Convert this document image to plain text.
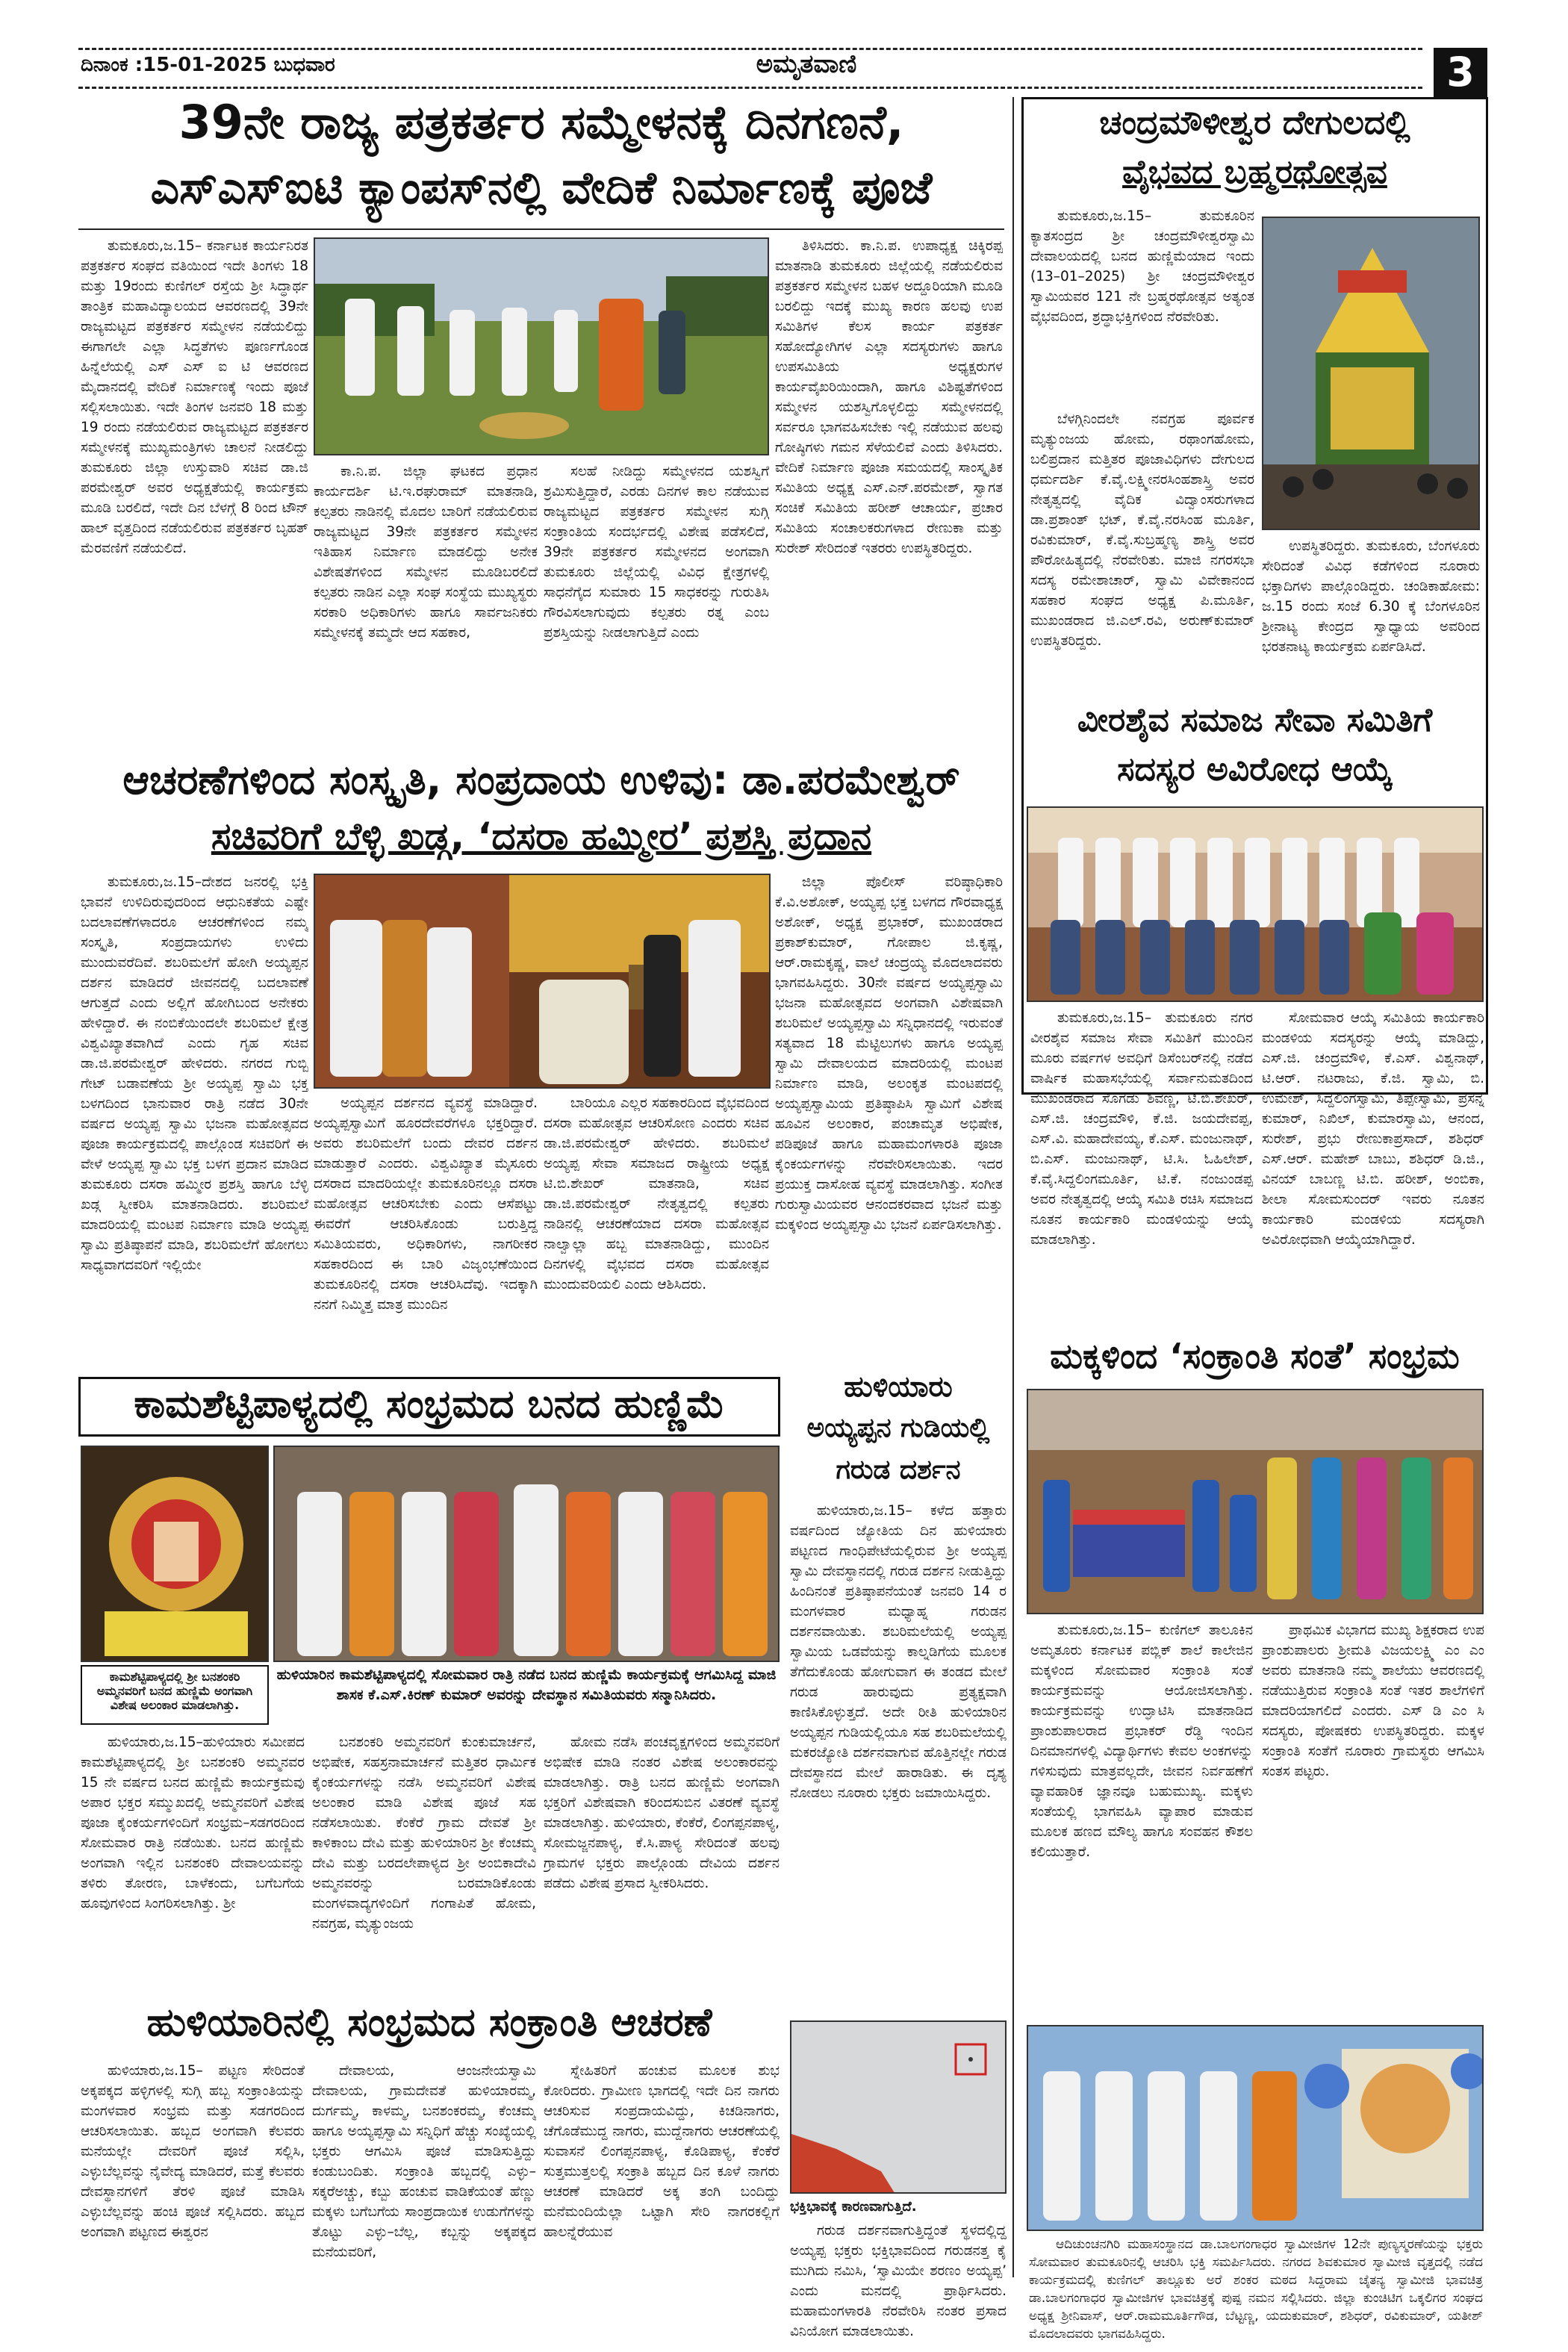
ದಿನಾಂಕ :15-01-2025 ಬುಧವಾರ	ಅಮೃತವಾಣಿ	3
39ನೇ ರಾಜ್ಯ ಪತ್ರಕರ್ತರ ಸಮ್ಮೇಳನಕ್ಕೆ ದಿನಗಣನೆ,
ಎಸ್‌ಎಸ್‌ಐಟಿ ಕ್ಯಾಂಪಸ್‌ನಲ್ಲಿ ವೇದಿಕೆ ನಿರ್ಮಾಣಕ್ಕೆ ಪೂಜೆ

ತುಮಕೂರು,ಜ.15– ಕರ್ನಾಟಕ ಕಾರ್ಯನಿರತ ಪತ್ರಕರ್ತರ ಸಂಘದ ವತಿಯಿಂದ ಇದೇ ತಿಂಗಳು 18 ಮತ್ತು 19ರಂದು ಕುಣಿಗಲ್ ರಸ್ತೆಯ ಶ್ರೀ ಸಿದ್ಧಾರ್ಥ ತಾಂತ್ರಿಕ ಮಹಾವಿದ್ಯಾಲಯದ ಆವರಣದಲ್ಲಿ 39ನೇ ರಾಜ್ಯಮಟ್ಟದ ಪತ್ರಕರ್ತರ ಸಮ್ಮೇಳನ ನಡೆಯಲಿದ್ದು ಈಗಾಗಲೇ ಎಲ್ಲಾ ಸಿದ್ಧತೆಗಳು ಪೂರ್ಣಗೊಂಡ ಹಿನ್ನೆಲೆಯಲ್ಲಿ ಎಸ್ ಎಸ್ ಐ ಟಿ ಆವರಣದ ಮೈದಾನದಲ್ಲಿ ವೇದಿಕೆ ನಿರ್ಮಾಣಕ್ಕೆ ಇಂದು ಪೂಜೆ ಸಲ್ಲಿಸಲಾಯಿತು. ಇದೇ ತಿಂಗಳ ಜನವರಿ 18 ಮತ್ತು 19 ರಂದು ನಡೆಯಲಿರುವ ರಾಜ್ಯಮಟ್ಟದ ಪತ್ರಕರ್ತರ ಸಮ್ಮೇಳನಕ್ಕೆ ಮುಖ್ಯಮಂತ್ರಿಗಳು ಚಾಲನೆ ನೀಡಲಿದ್ದು ತುಮಕೂರು ಜಿಲ್ಲಾ ಉಸ್ತುವಾರಿ ಸಚಿವ ಡಾ.ಜಿ ಪರಮೇಶ್ವರ್ ಅವರ ಅಧ್ಯಕ್ಷತೆಯಲ್ಲಿ ಕಾರ್ಯಕ್ರಮ ಮೂಡಿ ಬರಲಿದೆ, ಇದೇ ದಿನ ಬೆಳಗ್ಗೆ 8 ರಿಂದ ಟೌನ್ ಹಾಲ್ ವೃತ್ತದಿಂದ ನಡೆಯಲಿರುವ ಪತ್ರಕರ್ತರ ಬೃಹತ್ ಮೆರವಣಿಗೆ ನಡೆಯಲಿದೆ.

ಕಾ.ನಿ.ಪ. ಜಿಲ್ಲಾ ಘಟಕದ ಪ್ರಧಾನ ಕಾರ್ಯದರ್ಶಿ ಟಿ.ಇ.ರಘುರಾಮ್ ಮಾತನಾಡಿ, ಕಲ್ಪತರು ನಾಡಿನಲ್ಲಿ ಮೊದಲ ಬಾರಿಗೆ ನಡೆಯಲಿರುವ ರಾಜ್ಯಮಟ್ಟದ 39ನೇ ಪತ್ರಕರ್ತರ ಸಮ್ಮೇಳನ ಇತಿಹಾಸ ನಿರ್ಮಾಣ ಮಾಡಲಿದ್ದು ಅನೇಕ ವಿಶೇಷತೆಗಳಿಂದ ಸಮ್ಮೇಳನ ಮೂಡಿಬರಲಿದೆ ಕಲ್ಪತರು ನಾಡಿನ ಎಲ್ಲಾ ಸಂಘ ಸಂಸ್ಥೆಯ ಮುಖ್ಯಸ್ಥರು ಸರಕಾರಿ ಅಧಿಕಾರಿಗಳು ಹಾಗೂ ಸಾರ್ವಜನಿಕರು ಸಮ್ಮೇಳನಕ್ಕೆ ತಮ್ಮದೇ ಆದ ಸಹಕಾರ,

ಸಲಹೆ ನೀಡಿದ್ದು ಸಮ್ಮೇಳನದ ಯಶಸ್ವಿಗೆ ಶ್ರಮಿಸುತ್ತಿದ್ದಾರೆ, ಎರಡು ದಿನಗಳ ಕಾಲ ನಡೆಯುವ ರಾಜ್ಯಮಟ್ಟದ ಪತ್ರಕರ್ತರ ಸಮ್ಮೇಳನ ಸುಗ್ಗಿ ಸಂಕ್ರಾಂತಿಯ ಸಂದರ್ಭದಲ್ಲಿ ವಿಶೇಷ ಪಡೆಸಲಿದೆ, 39ನೇ ಪತ್ರಕರ್ತರ ಸಮ್ಮೇಳನದ ಅಂಗವಾಗಿ ತುಮಕೂರು ಜಿಲ್ಲೆಯಲ್ಲಿ ವಿವಿಧ ಕ್ಷೇತ್ರಗಳಲ್ಲಿ ಸಾಧನೆಗೈದ ಸುಮಾರು 15 ಸಾಧಕರನ್ನು ಗುರುತಿಸಿ ಗೌರವಿಸಲಾಗುವುದು ಕಲ್ಪತರು ರತ್ನ ಎಂಬ ಪ್ರಶಸ್ತಿಯನ್ನು ನೀಡಲಾಗುತ್ತಿದೆ ಎಂದು

ತಿಳಿಸಿದರು. ಕಾ.ನಿ.ಪ. ಉಪಾಧ್ಯಕ್ಷ ಚಿಕ್ಕಿರಪ್ಪ ಮಾತನಾಡಿ ತುಮಕೂರು ಜಿಲ್ಲೆಯಲ್ಲಿ ನಡೆಯಲಿರುವ ಪತ್ರಕರ್ತರ ಸಮ್ಮೇಳನ ಬಹಳ ಅದ್ದೂರಿಯಾಗಿ ಮೂಡಿ ಬರಲಿದ್ದು ಇದಕ್ಕೆ ಮುಖ್ಯ ಕಾರಣ ಹಲವು ಉಪ ಸಮಿತಿಗಳ ಕೆಲಸ ಕಾರ್ಯ ಪತ್ರಕರ್ತ ಸಹೋದ್ಯೋಗಿಗಳ ಎಲ್ಲಾ ಸದಸ್ಯರುಗಳು ಹಾಗೂ ಉಪಸಮಿತಿಯ ಅಧ್ಯಕ್ಷರುಗಳ ಕಾರ್ಯವೈಖರಿಯಿಂದಾಗಿ, ಹಾಗೂ ವಿಶಿಷ್ಟತೆಗಳಿಂದ ಸಮ್ಮೇಳನ ಯಶಸ್ವಿಗೊಳ್ಳಲಿದ್ದು ಸಮ್ಮೇಳನದಲ್ಲಿ ಸರ್ವರೂ ಭಾಗವಹಿಸಬೇಕು ಇಲ್ಲಿ ನಡೆಯುವ ಹಲವು ಗೋಷ್ಠಿಗಳು ಗಮನ ಸೆಳೆಯಲಿವೆ ಎಂದು ತಿಳಿಸಿದರು. ವೇದಿಕೆ ನಿರ್ಮಾಣ ಪೂಜಾ ಸಮಯದಲ್ಲಿ ಸಾಂಸ್ಕೃತಿಕ ಸಮಿತಿಯ ಅಧ್ಯಕ್ಷ ಎಸ್.ಎನ್.ಪರಮೇಶ್, ಸ್ವಾಗತ ಸಂಚಿಕೆ ಸಮಿತಿಯ ಹರೀಶ್ ಆಚಾರ್ಯ, ಪ್ರಚಾರ ಸಮಿತಿಯ ಸಂಚಾಲಕರುಗಳಾದ ರೇಣುಕಾ ಮತ್ತು ಸುರೇಶ್ ಸೇರಿದಂತೆ ಇತರರು ಉಪಸ್ಥಿತರಿದ್ದರು.

ಚಂದ್ರಮೌಳೀಶ್ವರ ದೇಗುಲದಲ್ಲಿ
ವೈಭವದ ಬ್ರಹ್ಮರಥೋತ್ಸವ

ತುಮಕೂರು,ಜ.15– ತುಮಕೂರಿನ ಕ್ಯಾತಸಂದ್ರದ ಶ್ರೀ ಚಂದ್ರಮೌಳೀಶ್ವರಸ್ವಾಮಿ ದೇವಾಲಯದಲ್ಲಿ ಬನದ ಹುಣ್ಣಿಮೆಯಾದ ಇಂದು (13–01–2025) ಶ್ರೀ ಚಂದ್ರಮೌಳೀಶ್ವರ ಸ್ವಾಮಿಯವರ 121 ನೇ ಬ್ರಹ್ಮರಥೋತ್ಸವ ಅತ್ಯಂತ ವೈಭವದಿಂದ, ಶ್ರದ್ಧಾಭಕ್ತಿಗಳಿಂದ ನೆರವೇರಿತು.

ಬೆಳಗ್ಗಿನಿಂದಲೇ ನವಗ್ರಹ ಪೂರ್ವಕ ಮೃತ್ಯುಂಜಯ ಹೋಮ, ರಥಾಂಗಹೋಮ, ಬಲಿಪ್ರದಾನ ಮತ್ತಿತರ ಪೂಜಾವಿಧಿಗಳು ದೇಗುಲದ ಧರ್ಮದರ್ಶಿ ಕೆ.ವೈ.ಲಕ್ಷ್ಮೀನರಸಿಂಹಶಾಸ್ತ್ರಿ ಅವರ ನೇತೃತ್ವದಲ್ಲಿ ವೈದಿಕ ವಿದ್ವಾಂಸರುಗಳಾದ ಡಾ.ಪ್ರಶಾಂತ್ ಭಟ್, ಕೆ.ವೈ.ನರಸಿಂಹ ಮೂರ್ತಿ, ರವಿಕುಮಾರ್, ಕೆ.ವೈ.ಸುಬ್ರಹ್ಮಣ್ಯ ಶಾಸ್ತ್ರಿ ಅವರ ಪೌರೋಹಿತ್ಯದಲ್ಲಿ ನೆರವೇರಿತು. ಮಾಜಿ ನಗರಸಭಾ ಸದಸ್ಯ ರಮೇಶಾಚಾರ್, ಸ್ವಾಮಿ ವಿವೇಕಾನಂದ ಸಹಕಾರ ಸಂಘದ ಅಧ್ಯಕ್ಷ ಪಿ.ಮೂರ್ತಿ, ಮುಖಂಡರಾದ ಜಿ.ಎಲ್.ರವಿ, ಅರುಣ್‌ಕುಮಾರ್ ಉಪಸ್ಥಿತರಿದ್ದರು.

ಉಪಸ್ಥಿತರಿದ್ದರು. ತುಮಕೂರು, ಬೆಂಗಳೂರು ಸೇರಿದಂತೆ ವಿವಿಧ ಕಡೆಗಳಿಂದ ನೂರಾರು ಭಕ್ತಾದಿಗಳು ಪಾಲ್ಗೊಂಡಿದ್ದರು. ಚಂಡಿಕಾಹೋಮ: ಜ.15 ರಂದು ಸಂಜೆ 6.30 ಕ್ಕೆ ಬೆಂಗಳೂರಿನ ಶ್ರೀನಾಟ್ಯ ಕೇಂದ್ರದ ಸ್ವಾಧ್ಯಾಯ ಅವರಿಂದ ಭರತನಾಟ್ಯ ಕಾರ್ಯಕ್ರಮ ಏರ್ಪಡಿಸಿದೆ.

ಆಚರಣೆಗಳಿಂದ ಸಂಸ್ಕೃತಿ, ಸಂಪ್ರದಾಯ ಉಳಿವು: ಡಾ.ಪರಮೇಶ್ವರ್
ಸಚಿವರಿಗೆ ಬೆಳ್ಳಿ ಖಡ್ಗ, ‘ದಸರಾ ಹಮ್ಮೀರ’ ಪ್ರಶಸ್ತಿ ಪ್ರದಾನ

ತುಮಕೂರು,ಜ.15–ದೇಶದ ಜನರಲ್ಲಿ ಭಕ್ತಿ ಭಾವನೆ ಉಳಿದಿರುವುದರಿಂದ ಆಧುನಿಕತೆಯ ಎಷ್ಟೇ ಬದಲಾವಣೆಗಳಾದರೂ ಆಚರಣೆಗಳಿಂದ ನಮ್ಮ ಸಂಸ್ಕೃತಿ, ಸಂಪ್ರದಾಯಗಳು ಉಳಿದು ಮುಂದುವರೆದಿವೆ. ಶಬರಿಮಲೆಗೆ ಹೋಗಿ ಅಯ್ಯಪ್ಪನ ದರ್ಶನ ಮಾಡಿದರೆ ಜೀವನದಲ್ಲಿ ಬದಲಾವಣೆ ಆಗುತ್ತದೆ ಎಂದು ಅಲ್ಲಿಗೆ ಹೋಗಿಬಂದ ಅನೇಕರು ಹೇಳಿದ್ದಾರೆ. ಈ ನಂಬಿಕೆಯಿಂದಲೇ ಶಬರಿಮಲೆ ಕ್ಷೇತ್ರ ವಿಶ್ವವಿಖ್ಯಾತವಾಗಿದೆ ಎಂದು ಗೃಹ ಸಚಿವ ಡಾ.ಜಿ.ಪರಮೇಶ್ವರ್ ಹೇಳಿದರು. ನಗರದ ಗುಬ್ಬಿ ಗೇಟ್ ಬಡಾವಣೆಯ ಶ್ರೀ ಅಯ್ಯಪ್ಪ ಸ್ವಾಮಿ ಭಕ್ತ ಬಳಗದಿಂದ ಭಾನುವಾರ ರಾತ್ರಿ ನಡೆದ 30ನೇ ವರ್ಷದ ಅಯ್ಯಪ್ಪ ಸ್ವಾಮಿ ಭಜನಾ ಮಹೋತ್ಸವದ ಪೂಜಾ ಕಾರ್ಯಕ್ರಮದಲ್ಲಿ ಪಾಲ್ಗೊಂಡ ಸಚಿವರಿಗೆ ಈ ವೇಳೆ ಅಯ್ಯಪ್ಪ ಸ್ವಾಮಿ ಭಕ್ತ ಬಳಗ ಪ್ರದಾನ ಮಾಡಿದ ತುಮಕೂರು ದಸರಾ ಹಮ್ಮೀರ ಪ್ರಶಸ್ತಿ ಹಾಗೂ ಬೆಳ್ಳಿ ಖಡ್ಗ ಸ್ವೀಕರಿಸಿ ಮಾತನಾಡಿದರು. ಶಬರಿಮಲೆ ಮಾದರಿಯಲ್ಲಿ ಮಂಟಪ ನಿರ್ಮಾಣ ಮಾಡಿ ಅಯ್ಯಪ್ಪ ಸ್ವಾಮಿ ಪ್ರತಿಷ್ಠಾಪನೆ ಮಾಡಿ, ಶಬರಿಮಲೆಗೆ ಹೋಗಲು ಸಾಧ್ಯವಾಗದವರಿಗೆ ಇಲ್ಲಿಯೇ

ಅಯ್ಯಪ್ಪನ ದರ್ಶನದ ವ್ಯವಸ್ಥೆ ಮಾಡಿದ್ದಾರೆ. ಅಯ್ಯಪ್ಪಸ್ವಾಮಿಗೆ ಹೂರದೇವರೆಗಳೂ ಭಕ್ತರಿದ್ದಾರೆ. ಅವರು ಶಬರಿಮಲೆಗೆ ಬಂದು ದೇವರ ದರ್ಶನ ಮಾಡುತ್ತಾರೆ ಎಂದರು. ವಿಶ್ವವಿಖ್ಯಾತ ಮೈಸೂರು ದಸರಾದ ಮಾದರಿಯಲ್ಲೇ ತುಮಕೂರಿನಲ್ಲೂ ದಸರಾ ಮಹೋತ್ಸವ ಆಚರಿಸಬೇಕು ಎಂದು ಆಸೆಪಟ್ಟು ಈವರೆಗೆ ಆಚರಿಸಿಕೊಂಡು ಬರುತ್ತಿದ್ದ ಸಮಿತಿಯವರು, ಅಧಿಕಾರಿಗಳು, ನಾಗರೀಕರ ಸಹಕಾರದಿಂದ ಈ ಬಾರಿ ವಿಜೃಂಭಣೆಯಿಂದ ತುಮಕೂರಿನಲ್ಲಿ ದಸರಾ ಆಚರಿಸಿದೆವು. ಇದಕ್ಕಾಗಿ ನನಗೆ ನಿಮ್ಮಿತ್ತ ಮಾತ್ರ ಮುಂದಿನ

ಬಾರಿಯೂ ಎಲ್ಲರ ಸಹಕಾರದಿಂದ ವೈಭವದಿಂದ ದಸರಾ ಮಹೋತ್ಸವ ಆಚರಿಸೋಣ ಎಂದರು ಸಚಿವ ಡಾ.ಜಿ.ಪರಮೇಶ್ವರ್ ಹೇಳಿದರು. ಶಬರಿಮಲೆ ಅಯ್ಯಪ್ಪ ಸೇವಾ ಸಮಾಜದ ರಾಷ್ಟ್ರೀಯ ಅಧ್ಯಕ್ಷ ಟಿ.ಬಿ.ಶೇಖರ್ ಮಾತನಾಡಿ, ಸಚಿವ ಡಾ.ಜಿ.ಪರಮೇಶ್ವರ್ ನೇತೃತ್ವದಲ್ಲಿ ಕಲ್ಪತರು ನಾಡಿನಲ್ಲಿ ಆಚರಣೆಯಾದ ದಸರಾ ಮಹೋತ್ಸವ ನಾಲ್ವಾಲ್ಲಾ ಹಬ್ಬ ಮಾತನಾಡಿದ್ದು, ಮುಂದಿನ ದಿನಗಳಲ್ಲಿ ವೈಭವದ ದಸರಾ ಮಹೋತ್ಸವ ಮುಂದುವರಿಯಲಿ ಎಂದು ಆಶಿಸಿದರು.

ಜಿಲ್ಲಾ ಪೊಲೀಸ್ ವರಿಷ್ಠಾಧಿಕಾರಿ ಕೆ.ವಿ.ಅಶೋಕ್, ಅಯ್ಯಪ್ಪ ಭಕ್ತ ಬಳಗದ ಗೌರವಾಧ್ಯಕ್ಷ ಅಶೋಕ್, ಅಧ್ಯಕ್ಷ ಪ್ರಭಾಕರ್, ಮುಖಂಡರಾದ ಪ್ರಕಾಶ್‌ಕುಮಾರ್, ಗೋಪಾಲ ಜಿ.ಕೃಷ್ಣ, ಆರ್.ರಾಮಕೃಷ್ಣ, ವಾಲೆ ಚಂದ್ರಯ್ಯ ಮೊದಲಾದವರು ಭಾಗವಹಿಸಿದ್ದರು. 30ನೇ ವರ್ಷದ ಅಯ್ಯಪ್ಪಸ್ವಾಮಿ ಭಜನಾ ಮಹೋತ್ಸವದ ಅಂಗವಾಗಿ ವಿಶೇಷವಾಗಿ ಶಬರಿಮಲೆ ಅಯ್ಯಪ್ಪಸ್ವಾಮಿ ಸನ್ನಿಧಾನದಲ್ಲಿ ಇರುವಂತೆ ಸತ್ಯವಾದ 18 ಮೆಟ್ಟಿಲುಗಳು ಹಾಗೂ ಅಯ್ಯಪ್ಪ ಸ್ವಾಮಿ ದೇವಾಲಯದ ಮಾದರಿಯಲ್ಲಿ ಮಂಟಪ ನಿರ್ಮಾಣ ಮಾಡಿ, ಅಲಂಕೃತ ಮಂಟಪದಲ್ಲಿ ಅಯ್ಯಪ್ಪಸ್ವಾಮಿಯ ಪ್ರತಿಷ್ಠಾಪಿಸಿ ಸ್ವಾಮಿಗೆ ವಿಶೇಷ ಹೂವಿನ ಅಲಂಕಾರ, ಪಂಚಾಮೃತ ಅಭಿಷೇಕ, ಪಡಿಪೂಜೆ ಹಾಗೂ ಮಹಾಮಂಗಳಾರತಿ ಪೂಜಾ ಕೈಂಕರ್ಯಗಳನ್ನು ನೆರವೇರಿಸಲಾಯಿತು. ಇದರ ಪ್ರಯುಕ್ತ ದಾಸೋಹ ವ್ಯವಸ್ಥೆ ಮಾಡಲಾಗಿತ್ತು. ಸಂಗೀತ ಗುರುಸ್ವಾಮಿಯವರ ಆನಂದಕರವಾದ ಭಜನೆ ಮತ್ತು ಮಕ್ಕಳಿಂದ ಅಯ್ಯಪ್ಪಸ್ವಾಮಿ ಭಜನೆ ಏರ್ಪಡಿಸಲಾಗಿತ್ತು.

ವೀರಶೈವ ಸಮಾಜ ಸೇವಾ ಸಮಿತಿಗೆ
ಸದಸ್ಯರ ಅವಿರೋಧ ಆಯ್ಕೆ

ತುಮಕೂರು,ಜ.15– ತುಮಕೂರು ನಗರ ವೀರಶೈವ ಸಮಾಜ ಸೇವಾ ಸಮಿತಿಗೆ ಮುಂದಿನ ಮೂರು ವರ್ಷಗಳ ಅವಧಿಗೆ ಡಿಸೆಂಬರ್‌ನಲ್ಲಿ ನಡೆದ ವಾರ್ಷಿಕ ಮಹಾಸಭೆಯಲ್ಲಿ ಸರ್ವಾನುಮತದಿಂದ ಮುಖಂಡರಾದ ಸೊಗಡು ಶಿವಣ್ಣ, ಟಿ.ಬಿ.ಶೇಖರ್, ಎಸ್.ಜಿ. ಚಂದ್ರಮೌಳಿ, ಕೆ.ಜಿ. ಜಯದೇವಪ್ಪ, ಎಸ್.ವಿ. ಮಹಾದೇವಯ್ಯ, ಕೆ.ಎಸ್. ಮಂಜುನಾಥ್, ಬಿ.ಎಸ್. ಮಂಜುನಾಥ್, ಟಿ.ಸಿ. ಓಹಿಲೇಶ್, ಕೆ.ವೈ.ಸಿದ್ದಲಿಂಗಮೂರ್ತಿ, ಟಿ.ಕೆ. ನಂಜುಂಡಪ್ಪ ಅವರ ನೇತೃತ್ವದಲ್ಲಿ ಆಯ್ಕೆ ಸಮಿತಿ ರಚಿಸಿ ಸಮಾಜದ ನೂತನ ಕಾರ್ಯಕಾರಿ ಮಂಡಳಿಯನ್ನು ಆಯ್ಕೆ ಮಾಡಲಾಗಿತ್ತು.

ಸೋಮವಾರ ಆಯ್ಕೆ ಸಮಿತಿಯ ಕಾರ್ಯಕಾರಿ ಮಂಡಳಿಯ ಸದಸ್ಯರನ್ನು ಆಯ್ಕೆ ಮಾಡಿದ್ದು, ಎಸ್.ಜಿ. ಚಂದ್ರಮೌಳಿ, ಕೆ.ಎಸ್. ವಿಶ್ವನಾಥ್, ಟಿ.ಆರ್. ನಟರಾಜು, ಕೆ.ಜಿ. ಸ್ವಾಮಿ, ಬಿ. ಉಮೇಶ್, ಸಿದ್ದಲಿಂಗಸ್ವಾಮಿ, ತಿಪ್ಪೇಸ್ವಾಮಿ, ಪ್ರಸನ್ನ ಕುಮಾರ್, ನಿಖಿಲ್, ಕುಮಾರಸ್ವಾಮಿ, ಆನಂದ, ಸುರೇಶ್, ಪ್ರಭು ರೇಣುಕಾಪ್ರಸಾದ್, ಶಶಿಧರ್ ಎಸ್.ಆರ್. ಮಹೇಶ್ ಬಾಬು, ಶಶಿಧರ್ ಡಿ.ಜಿ., ವಿನಯ್ ಬಾಬಣ್ಣ ಟಿ.ಬಿ. ಹರೀಶ್, ಅಂಬಿಕಾ, ಶೀಲಾ ಸೋಮಸುಂದರ್ ಇವರು ನೂತನ ಕಾರ್ಯಕಾರಿ ಮಂಡಳಿಯ ಸದಸ್ಯರಾಗಿ ಅವಿರೋಧವಾಗಿ ಆಯ್ಕೆಯಾಗಿದ್ದಾರೆ.

ಕಾಮಶೆಟ್ಟಿಪಾಳ್ಯದಲ್ಲಿ ಸಂಭ್ರಮದ ಬನದ ಹುಣ್ಣಿಮೆ
ಕಾಮಶೆಟ್ಟಿಪಾಳ್ಯದಲ್ಲಿ ಶ್ರೀ ಬನಶಂಕರಿ ಅಮ್ಮನವರಿಗೆ ಬನದ ಹುಣ್ಣಿಮೆ ಅಂಗವಾಗಿ ವಿಶೇಷ ಅಲಂಕಾರ ಮಾಡಲಾಗಿತ್ತು.
ಹುಳಿಯಾರಿನ ಕಾಮಶೆಟ್ಟಿಪಾಳ್ಯದಲ್ಲಿ ಸೋಮವಾರ ರಾತ್ರಿ ನಡೆದ ಬನದ ಹುಣ್ಣಿಮೆ ಕಾರ್ಯಕ್ರಮಕ್ಕೆ ಆಗಮಿಸಿದ್ದ ಮಾಜಿ ಶಾಸಕ ಕೆ.ಎಸ್.ಕಿರಣ್ ಕುಮಾರ್ ಅವರನ್ನು ದೇವಸ್ಥಾನ ಸಮಿತಿಯವರು ಸನ್ಮಾನಿಸಿದರು.

ಹುಳಿಯಾರು,ಜ.15–ಹುಳಿಯಾರು ಸಮೀಪದ ಕಾಮಶೆಟ್ಟಿಪಾಳ್ಯದಲ್ಲಿ ಶ್ರೀ ಬನಶಂಕರಿ ಅಮ್ಮನವರ 15 ನೇ ವರ್ಷದ ಬನದ ಹುಣ್ಣಿಮೆ ಕಾರ್ಯಕ್ರಮವು ಅಪಾರ ಭಕ್ತರ ಸಮ್ಮುಖದಲ್ಲಿ ಅಮ್ಮನವರಿಗೆ ವಿಶೇಷ ಪೂಜಾ ಕೈಂಕರ್ಯಗಳಿಂದಿಗೆ ಸಂಭ್ರಮ–ಸಡಗರದಿಂದ ಸೋಮವಾರ ರಾತ್ರಿ ನಡೆಯಿತು. ಬನದ ಹುಣ್ಣಿಮೆ ಅಂಗವಾಗಿ ಇಲ್ಲಿನ ಬನಶಂಕರಿ ದೇವಾಲಯವನ್ನು ತಳಿರು ತೋರಣ, ಬಾಳೆಕಂದು, ಬಗೆಬಗೆಯ ಹೂವುಗಳಿಂದ ಸಿಂಗರಿಸಲಾಗಿತ್ತು. ಶ್ರೀ

ಬನಶಂಕರಿ ಅಮ್ಮನವರಿಗೆ ಕುಂಕುಮಾರ್ಚನೆ, ಅಭಿಷೇಕ, ಸಹಸ್ರನಾಮಾರ್ಚನೆ ಮತ್ತಿತರ ಧಾರ್ಮಿಕ ಕೈಂಕರ್ಯಗಳನ್ನು ನಡೆಸಿ ಅಮ್ಮನವರಿಗೆ ವಿಶೇಷ ಅಲಂಕಾರ ಮಾಡಿ ವಿಶೇಷ ಪೂಜೆ ಸಹ ನಡೆಸಲಾಯಿತು. ಕೆಂಕೆರೆ ಗ್ರಾಮ ದೇವತೆ ಶ್ರೀ ಕಾಳಿಕಾಂಬ ದೇವಿ ಮತ್ತು ಹುಳಿಯಾರಿನ ಶ್ರೀ ಕೆಂಚಮ್ಮ ದೇವಿ ಮತ್ತು ಬರದಲೇಪಾಳ್ಯದ ಶ್ರೀ ಅಂಬಿಕಾದೇವಿ ಅಮ್ಮನವರನ್ನು ಬರಮಾಡಿಕೊಂಡು ಮಂಗಳವಾದ್ಯಗಳಿಂದಿಗೆ ಗಂಗಾಪಿತೆ ಹೋಮ, ನವಗ್ರಹ, ಮೃತ್ಯುಂಜಯ

ಹೋಮ ನಡೆಸಿ ಪಂಚವೃಕ್ಷಗಳಿಂದ ಅಮ್ಮನವರಿಗೆ ಅಭಿಷೇಕ ಮಾಡಿ ನಂತರ ವಿಶೇಷ ಅಲಂಕಾರವನ್ನು ಮಾಡಲಾಗಿತ್ತು. ರಾತ್ರಿ ಬನದ ಹುಣ್ಣಿಮೆ ಅಂಗವಾಗಿ ಭಕ್ತರಿಗೆ ವಿಶೇಷವಾಗಿ ಕರಿಂದಸುಬಿನ ವಿತರಣೆ ವ್ಯವಸ್ಥೆ ಮಾಡಲಾಗಿತ್ತು. ಹುಳಿಯಾರು, ಕೆಂಕೆರೆ, ಲಿಂಗಪ್ಪನಪಾಳ್ಯ, ಸೋಮಜ್ಜನಪಾಳ್ಯ, ಕೆ.ಸಿ.ಪಾಳ್ಯ ಸೇರಿದಂತೆ ಹಲವು ಗ್ರಾಮಗಳ ಭಕ್ತರು ಪಾಲ್ಗೊಂಡು ದೇವಿಯ ದರ್ಶನ ಪಡೆದು ವಿಶೇಷ ಪ್ರಸಾದ ಸ್ವೀಕರಿಸಿದರು.

ಹುಳಿಯಾರು
ಅಯ್ಯಪ್ಪನ ಗುಡಿಯಲ್ಲಿ
ಗರುಡ ದರ್ಶನ

ಹುಳಿಯಾರು,ಜ.15– ಕಳೆದ ಹತ್ತಾರು ವರ್ಷದಿಂದ ಜ್ಯೋತಿಯ ದಿನ ಹುಳಿಯಾರು ಪಟ್ಟಣದ ಗಾಂಧಿಪೇಟೆಯಲ್ಲಿರುವ ಶ್ರೀ ಅಯ್ಯಪ್ಪ ಸ್ವಾಮಿ ದೇವಸ್ಥಾನದಲ್ಲಿ ಗರುಡ ದರ್ಶನ ನೀಡುತ್ತಿದ್ದು ಹಿಂದಿನಂತೆ ಪ್ರತಿಷ್ಠಾಪನೆಯಂತೆ ಜನವರಿ 14 ರ ಮಂಗಳವಾರ ಮಧ್ಯಾಹ್ನ ಗರುಡನ ದರ್ಶನವಾಯಿತು. ಶಬರಿಮಲೆಯಲ್ಲಿ ಅಯ್ಯಪ್ಪ ಸ್ವಾಮಿಯ ಒಡವೆಯನ್ನು ಕಾಲ್ನಡಿಗೆಯ ಮೂಲಕ ತೆಗೆದುಕೊಂಡು ಹೋಗುವಾಗ ಈ ತಂಡದ ಮೇಲೆ ಗರುಡ ಹಾರುವುದು ಪ್ರತ್ಯಕ್ಷವಾಗಿ ಕಾಣಿಸಿಕೊಳ್ಳುತ್ತದೆ. ಅದೇ ರೀತಿ ಹುಳಿಯಾರಿನ ಅಯ್ಯಪ್ಪನ ಗುಡಿಯಲ್ಲಿಯೂ ಸಹ ಶಬರಿಮಲೆಯಲ್ಲಿ ಮಕರಜ್ಯೋತಿ ದರ್ಶನವಾಗುವ ಹೊತ್ತಿನಲ್ಲೇ ಗರುಡ ದೇವಸ್ಥಾನದ ಮೇಲೆ ಹಾರಾಡಿತು. ಈ ದೃಶ್ಯ ನೋಡಲು ನೂರಾರು ಭಕ್ತರು ಜಮಾಯಿಸಿದ್ದರು.

ಭಕ್ತಿಭಾವಕ್ಕೆ ಕಾರಣವಾಗುತ್ತಿದೆ.

ಗರುಡ ದರ್ಶನವಾಗುತ್ತಿದ್ದಂತೆ ಸ್ಥಳದಲ್ಲಿದ್ದ ಅಯ್ಯಪ್ಪ ಭಕ್ತರು ಭಕ್ತಿಭಾವದಿಂದ ಗರುಡನತ್ತ ಕೈ ಮುಗಿದು ನಮಿಸಿ, ‘ಸ್ವಾಮಿಯೇ ಶರಣಂ ಅಯ್ಯಪ್ಪ’ ಎಂದು ಮನದಲ್ಲಿ ಪ್ರಾರ್ಥಿಸಿದರು. ಮಹಾಮಂಗಳಾರತಿ ನೆರವೇರಿಸಿ ನಂತರ ಪ್ರಸಾದ ವಿನಿಯೋಗ ಮಾಡಲಾಯಿತು.

ಮಕ್ಕಳಿಂದ ‘ಸಂಕ್ರಾಂತಿ ಸಂತೆ’ ಸಂಭ್ರಮ

ತುಮಕೂರು,ಜ.15– ಕುಣಿಗಲ್ ತಾಲೂಕಿನ ಅಮೃತೂರು ಕರ್ನಾಟಕ ಪಬ್ಲಿಕ್ ಶಾಲೆ ಕಾಲೇಜಿನ ಮಕ್ಕಳಿಂದ ಸೋಮವಾರ ಸಂಕ್ರಾಂತಿ ಸಂತೆ ಕಾರ್ಯಕ್ರಮವನ್ನು ಆಯೋಜಿಸಲಾಗಿತ್ತು. ಕಾರ್ಯಕ್ರಮವನ್ನು ಉದ್ಘಾಟಿಸಿ ಮಾತನಾಡಿದ ಪ್ರಾಂಶುಪಾಲರಾದ ಪ್ರಭಾಕರ್ ರೆಡ್ಡಿ ಇಂದಿನ ದಿನಮಾನಗಳಲ್ಲಿ ವಿದ್ಯಾರ್ಥಿಗಳು ಕೇವಲ ಅಂಕಗಳನ್ನು ಗಳಿಸುವುದು ಮಾತ್ರವಲ್ಲದೇ, ಜೀವನ ನಿರ್ವಹಣೆಗೆ ವ್ಯಾವಹಾರಿಕ ಜ್ಞಾನವೂ ಬಹುಮುಖ್ಯ. ಮಕ್ಕಳು ಸಂತೆಯಲ್ಲಿ ಭಾಗವಹಿಸಿ ವ್ಯಾಪಾರ ಮಾಡುವ ಮೂಲಕ ಹಣದ ಮೌಲ್ಯ ಹಾಗೂ ಸಂವಹನ ಕೌಶಲ ಕಲಿಯುತ್ತಾರೆ.

ಪ್ರಾಥಮಿಕ ವಿಭಾಗದ ಮುಖ್ಯ ಶಿಕ್ಷಕರಾದ ಉಪ ಪ್ರಾಂಶುಪಾಲರು ಶ್ರೀಮತಿ ವಿಜಯಲಕ್ಷ್ಮಿ ಎಂ ಎಂ ಅವರು ಮಾತನಾಡಿ ನಮ್ಮ ಶಾಲೆಯು ಆವರಣದಲ್ಲಿ ನಡೆಯುತ್ತಿರುವ ಸಂಕ್ರಾಂತಿ ಸಂತೆ ಇತರ ಶಾಲೆಗಳಿಗೆ ಮಾದರಿಯಾಗಲಿದೆ ಎಂದರು. ಎಸ್ ಡಿ ಎಂ ಸಿ ಸದಸ್ಯರು, ಪೋಷಕರು ಉಪಸ್ಥಿತರಿದ್ದರು. ಮಕ್ಕಳ ಸಂಕ್ರಾಂತಿ ಸಂತೆಗೆ ನೂರಾರು ಗ್ರಾಮಸ್ಥರು ಆಗಮಿಸಿ ಸಂತಸ ಪಟ್ಟರು.

ಆದಿಚುಂಚನಗಿರಿ ಮಹಾಸಂಸ್ಥಾನದ ಡಾ.ಬಾಲಗಂಗಾಧರ ಸ್ವಾಮೀಜಿಗಳ 12ನೇ ಪುಣ್ಯಸ್ಮರಣೆಯನ್ನು ಭಕ್ತರು ಸೋಮವಾರ ತುಮಕೂರಿನಲ್ಲಿ ಆಚರಿಸಿ ಭಕ್ತಿ ಸಮರ್ಪಿಸಿದರು. ನಗರದ ಶಿವಕುಮಾರ ಸ್ವಾಮೀಜಿ ವೃತ್ತದಲ್ಲಿ ನಡೆದ ಕಾರ್ಯಕ್ರಮದಲ್ಲಿ ಕುಣಿಗಲ್ ತಾಲ್ಲೂಕು ಅರೆ ಶಂಕರ ಮಠದ ಸಿದ್ದರಾಮ ಚೈತನ್ಯ ಸ್ವಾಮೀಜಿ ಭಾವಚಿತ್ರ ಡಾ.ಬಾಲಗಂಗಾಧರ ಸ್ವಾಮೀಜಿಗಳ ಭಾವಚಿತ್ರಕ್ಕೆ ಪುಷ್ಪ ನಮನ ಸಲ್ಲಿಸಿದರು. ಜಿಲ್ಲಾ ಕುಂಚಿಟಿಗ ಒಕ್ಕಲಿಗರ ಸಂಘದ ಅಧ್ಯಕ್ಷ ಶ್ರೀನಿವಾಸ್, ಆರ್.ರಾಮಮೂರ್ತಿಗೌಡ, ಬೆಟ್ಟಣ್ಣ, ಯದುಕುಮಾರ್, ಶಶಿಧರ್, ರವಿಕುಮಾರ್, ಯತೀಶ್ ಮೊದಲಾದವರು ಭಾಗವಹಿಸಿದ್ದರು.

ಹುಳಿಯಾರಿನಲ್ಲಿ ಸಂಭ್ರಮದ ಸಂಕ್ರಾಂತಿ ಆಚರಣೆ

ಹುಳಿಯಾರು,ಜ.15– ಪಟ್ಟಣ ಸೇರಿದಂತೆ ಅಕ್ಕಪಕ್ಕದ ಹಳ್ಳಿಗಳಲ್ಲಿ ಸುಗ್ಗಿ ಹಬ್ಬ ಸಂಕ್ರಾಂತಿಯನ್ನು ಮಂಗಳವಾರ ಸಂಭ್ರಮ ಮತ್ತು ಸಡಗರದಿಂದ ಆಚರಿಸಲಾಯಿತು. ಹಬ್ಬದ ಅಂಗವಾಗಿ ಕೆಲವರು ಮನೆಯಲ್ಲೇ ದೇವರಿಗೆ ಪೂಜೆ ಸಲ್ಲಿಸಿ, ಎಳ್ಳುಬೆಲ್ಲವನ್ನು ನೈವೇದ್ಯ ಮಾಡಿದರೆ, ಮತ್ತೆ ಕೆಲವರು ದೇವಸ್ಥಾನಗಳಿಗೆ ತೆರಳಿ ಪೂಜೆ ಮಾಡಿಸಿ ಎಳ್ಳುಬೆಲ್ಲವನ್ನು ಹಂಚಿ ಪೂಜೆ ಸಲ್ಲಿಸಿದರು. ಹಬ್ಬದ ಅಂಗವಾಗಿ ಪಟ್ಟಣದ ಈಶ್ವರನ

ದೇವಾಲಯ, ಆಂಜನೇಯಸ್ವಾಮಿ ದೇವಾಲಯ, ಗ್ರಾಮದೇವತೆ ಹುಳಿಯಾರಮ್ಮ, ದುರ್ಗಮ್ಮ, ಕಾಳಮ್ಮ, ಬನಶಂಕರಮ್ಮ, ಕೆಂಚಮ್ಮ ಹಾಗೂ ಅಯ್ಯಪ್ಪಸ್ವಾಮಿ ಸನ್ನಿಧಿಗೆ ಹೆಚ್ಚು ಸಂಖ್ಯೆಯಲ್ಲಿ ಭಕ್ತರು ಆಗಮಿಸಿ ಪೂಜೆ ಮಾಡಿಸುತ್ತಿದ್ದು ಕಂಡುಬಂದಿತು. ಸಂಕ್ರಾಂತಿ ಹಬ್ಬದಲ್ಲಿ ಎಳ್ಳು–ಸಕ್ಕರೆಅಚ್ಚು, ಕಬ್ಬು ಹಂಚುವ ವಾಡಿಕೆಯಂತೆ ಹೆಣ್ಣು ಮಕ್ಕಳು ಬಗೆಬಗೆಯ ಸಾಂಪ್ರದಾಯಿಕ ಉಡುಗೆಗಳನ್ನು ತೊಟ್ಟು ಎಳ್ಳು–ಬೆಲ್ಲ, ಕಬ್ಬನ್ನು ಅಕ್ಕಪಕ್ಕದ ಮನೆಯವರಿಗೆ,

ಸ್ನೇಹಿತರಿಗೆ ಹಂಚುವ ಮೂಲಕ ಶುಭ ಕೋರಿದರು. ಗ್ರಾಮೀಣ ಭಾಗದಲ್ಲಿ ಇದೇ ದಿನ ನಾಗರು ಆಚರಿಸುವ ಸಂಪ್ರದಾಯವಿದ್ದು, ಕಿಚಡಿನಾಗರು, ಚೆಗೊಡೆಮುದ್ದ ನಾಗರು, ಮುದ್ದೆನಾಗರು ಆಚರಣೆಯಲ್ಲಿ ಸುವಾಸನೆ ಲಿಂಗಪ್ಪನಪಾಳ್ಯ, ಕೊಡಿಪಾಳ್ಯ, ಕೆಂಕೆರೆ ಸುತ್ತಮುತ್ತಲಲ್ಲಿ ಸಂಕ್ರಾತಿ ಹಬ್ಬದ ದಿನ ಕೂಳೆ ನಾಗರು ಆಚರಣೆ ಮಾಡಿದರೆ ಅಕ್ಕ ತಂಗಿ ಬಂದಿದ್ದು ಮನೆಮಂದಿಯೆಲ್ಲಾ ಒಟ್ಟಾಗಿ ಸೇರಿ ನಾಗರಕಲ್ಲಿಗೆ ಹಾಲನ್ನೆರೆಯುವ
